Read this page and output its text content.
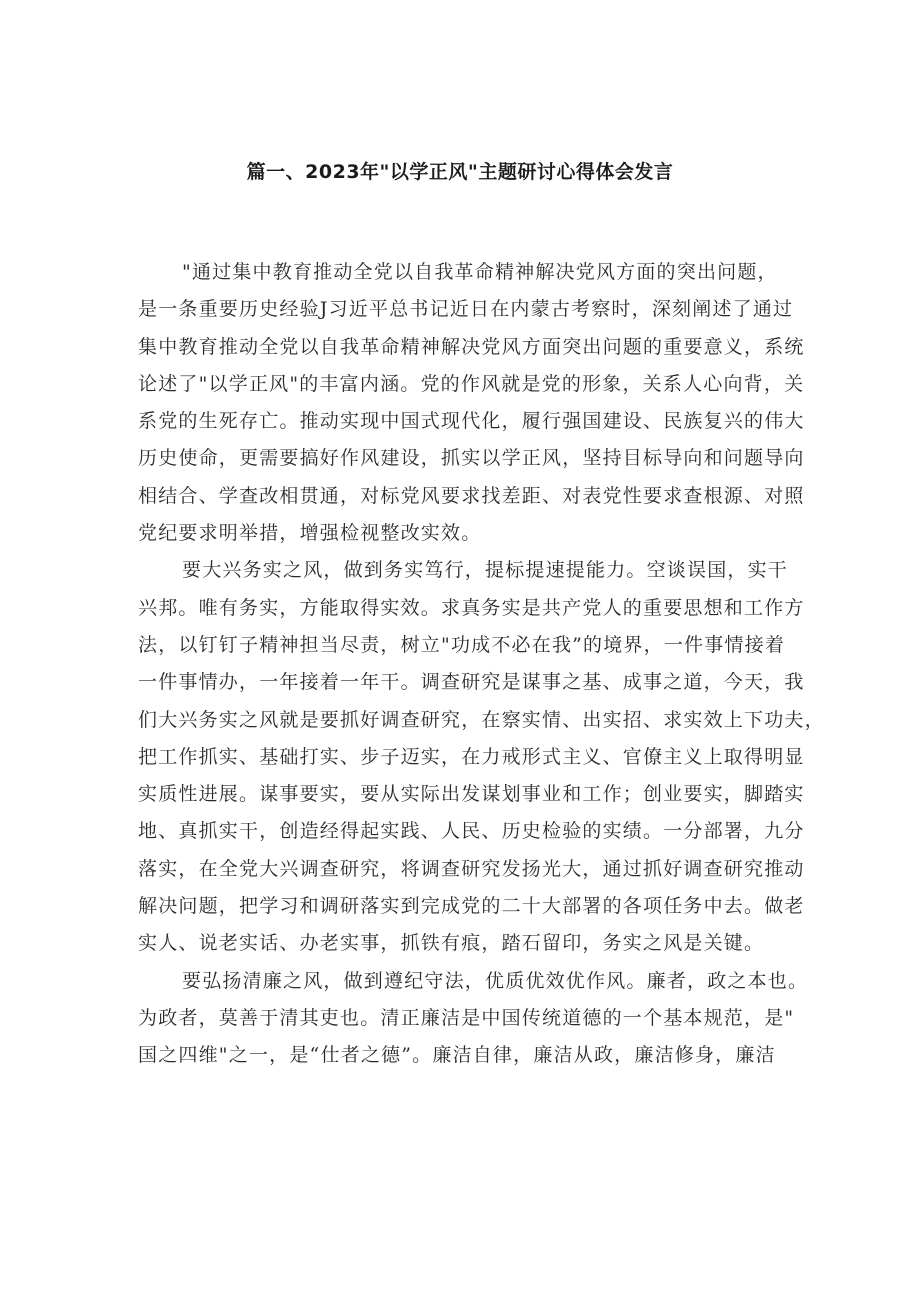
篇一、2023年"以学正风"主题研讨心得体会发言
"通过集中教育推动全党以自我革命精神解决党风方面的突出问题，
是一条重要历史经验J习近平总书记近日在内蒙古考察时，深刻阐述了通过
集中教育推动全党以自我革命精神解决党风方面突出问题的重要意义，系统
论述了"以学正风"的丰富内涵。党的作风就是党的形象，关系人心向背，关
系党的生死存亡。推动实现中国式现代化，履行强国建设、民族复兴的伟大
历史使命，更需要搞好作风建设，抓实以学正风，坚持目标导向和问题导向
相结合、学查改相贯通，对标党风要求找差距、对表党性要求查根源、对照
党纪要求明举措，增强检视整改实效。
要大兴务实之风，做到务实笃行，提标提速提能力。空谈误国，实干
兴邦。唯有务实，方能取得实效。求真务实是共产党人的重要思想和工作方
法，以钉钉子精神担当尽责，树立"功成不必在我”的境界，一件事情接着
一件事情办，一年接着一年干。调查研究是谋事之基、成事之道，今天，我
们大兴务实之风就是要抓好调查研究，在察实情、出实招、求实效上下功夫，
把工作抓实、基础打实、步子迈实，在力戒形式主义、官僚主义上取得明显
实质性进展。谋事要实，要从实际出发谋划事业和工作；创业要实，脚踏实
地、真抓实干，创造经得起实践、人民、历史检验的实绩。一分部署，九分
落实，在全党大兴调查研究，将调查研究发扬光大，通过抓好调查研究推动
解决问题，把学习和调研落实到完成党的二十大部署的各项任务中去。做老
实人、说老实话、办老实事，抓铁有痕，踏石留印，务实之风是关键。
要弘扬清廉之风，做到遵纪守法，优质优效优作风。廉者，政之本也。
为政者，莫善于清其吏也。清正廉洁是中国传统道德的一个基本规范，是"
国之四维"之一，是“仕者之德”。廉洁自律，廉洁从政，廉洁修身，廉洁
